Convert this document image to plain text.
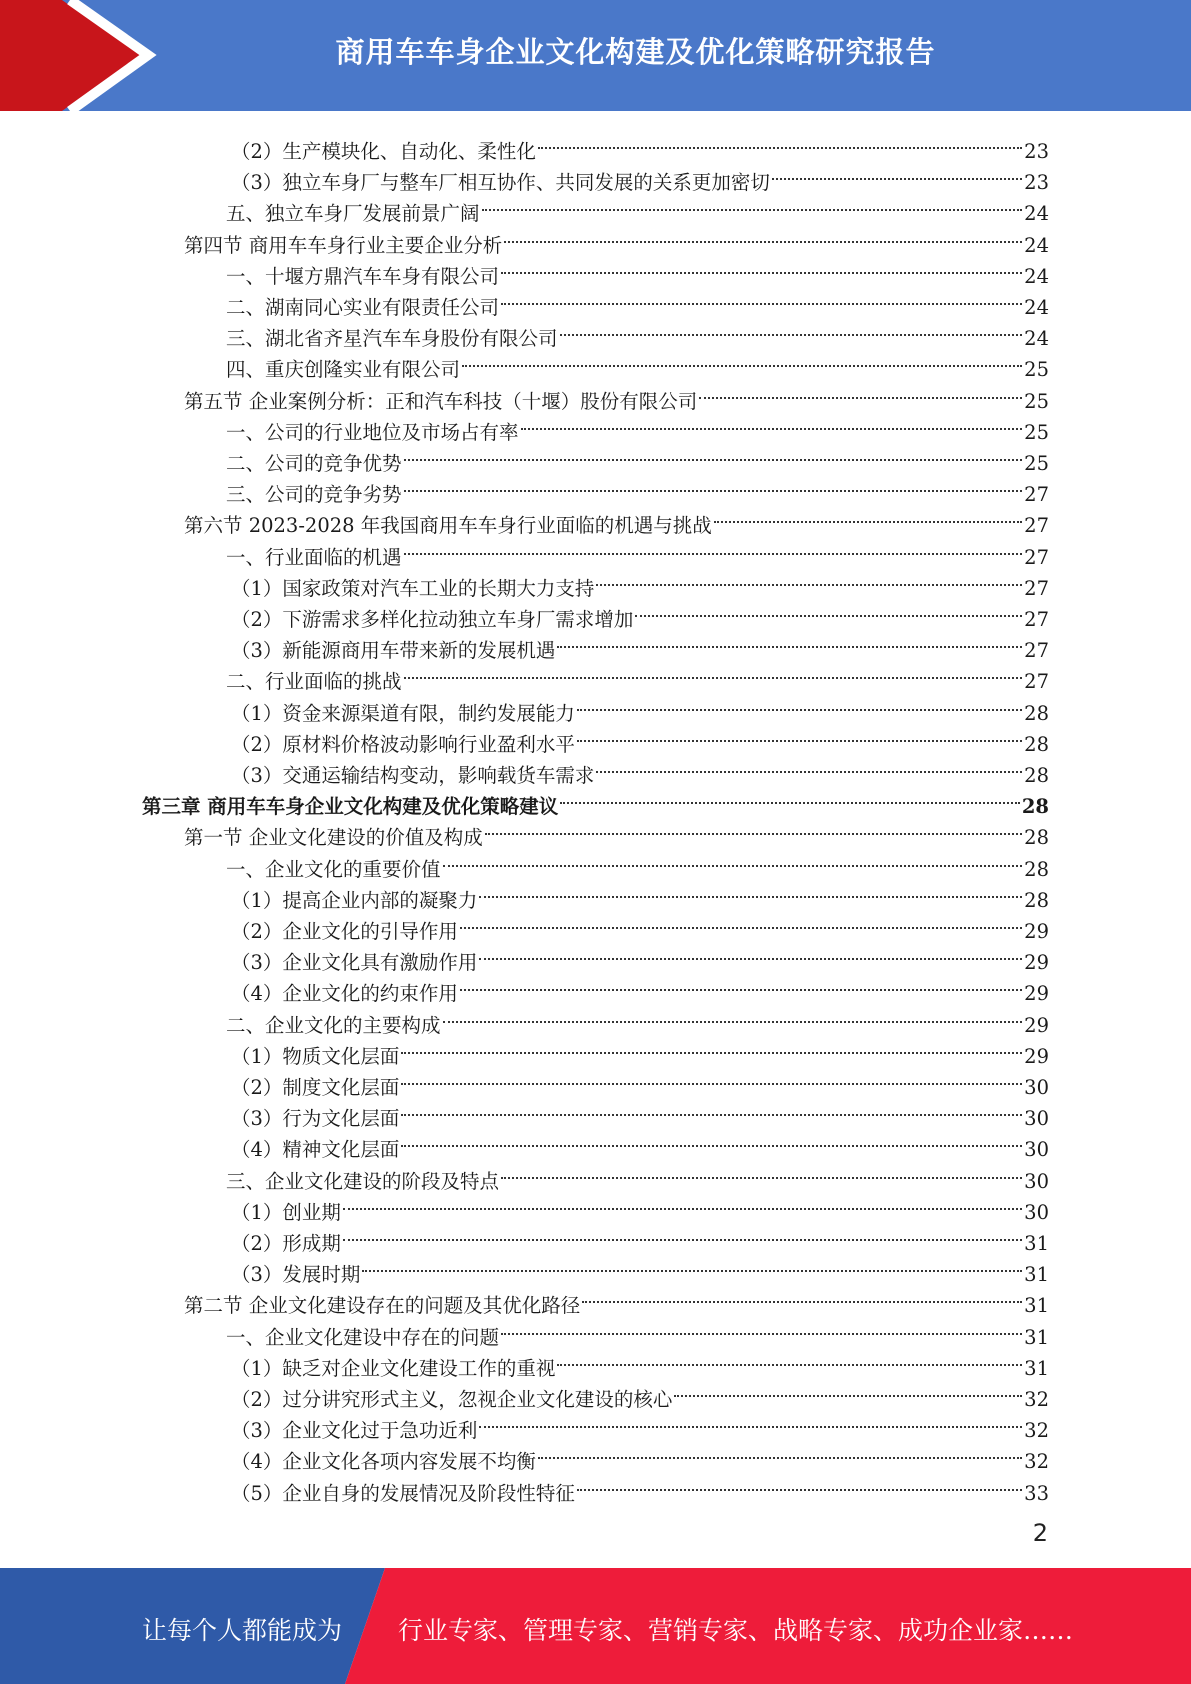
商用车车身企业文化构建及优化策略研究报告
（2）生产模块化、自动化、柔性化	23
（3）独立车身厂与整车厂相互协作、共同发展的关系更加密切	23
五、独立车身厂发展前景广阔	24
第四节 商用车车身行业主要企业分析	24
一、十堰方鼎汽车车身有限公司	24
二、湖南同心实业有限责任公司	24
三、湖北省齐星汽车车身股份有限公司	24
四、重庆创隆实业有限公司	25
第五节 企业案例分析：正和汽车科技（十堰）股份有限公司	25
一、公司的行业地位及市场占有率	25
二、公司的竞争优势	25
三、公司的竞争劣势	27
第六节 2023-2028 年我国商用车车身行业面临的机遇与挑战	27
一、行业面临的机遇	27
（1）国家政策对汽车工业的长期大力支持	27
（2）下游需求多样化拉动独立车身厂需求增加	27
（3）新能源商用车带来新的发展机遇	27
二、行业面临的挑战	27
（1）资金来源渠道有限，制约发展能力	28
（2）原材料价格波动影响行业盈利水平	28
（3）交通运输结构变动，影响载货车需求	28
第三章 商用车车身企业文化构建及优化策略建议	28
第一节 企业文化建设的价值及构成	28
一、企业文化的重要价值	28
（1）提高企业内部的凝聚力	28
（2）企业文化的引导作用	29
（3）企业文化具有激励作用	29
（4）企业文化的约束作用	29
二、企业文化的主要构成	29
（1）物质文化层面	29
（2）制度文化层面	30
（3）行为文化层面	30
（4）精神文化层面	30
三、企业文化建设的阶段及特点	30
（1）创业期	30
（2）形成期	31
（3）发展时期	31
第二节 企业文化建设存在的问题及其优化路径	31
一、企业文化建设中存在的问题	31
（1）缺乏对企业文化建设工作的重视	31
（2）过分讲究形式主义，忽视企业文化建设的核心	32
（3）企业文化过于急功近利	32
（4）企业文化各项内容发展不均衡	32
（5）企业自身的发展情况及阶段性特征	33
2
让每个人都能成为 行业专家、管理专家、营销专家、战略专家、成功企业家……
